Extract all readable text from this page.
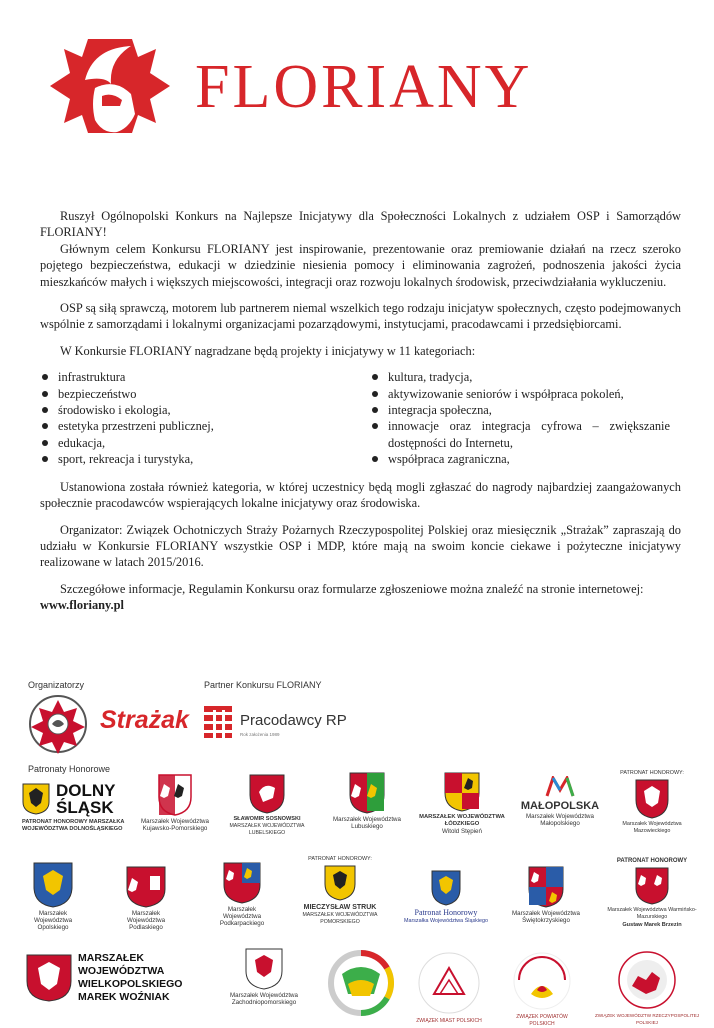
FLORIANY

Ruszył Ogólnopolski Konkurs na Najlepsze Inicjatywy dla Społeczności Lokalnych z udziałem OSP i Samorządów FLORIANY!

Głównym celem Konkursu FLORIANY jest inspirowanie, prezentowanie oraz premiowanie działań na rzecz szeroko pojętego bezpieczeństwa, edukacji w dziedzinie niesienia pomocy i eliminowania zagrożeń, podnoszenia jakości życia mieszkańców małych i większych miejscowości, integracji oraz rozwoju lokalnych środowisk, przeciwdziałania wykluczeniu.

OSP są siłą sprawczą, motorem lub partnerem niemal wszelkich tego rodzaju inicjatyw społecznych, często podejmowanych wspólnie z samorządami i lokalnymi organizacjami pozarządowymi, instytucjami, pracodawcami i przedsiębiorcami.

W Konkursie FLORIANY nagradzane będą projekty i inicjatywy w 11 kategoriach:

infrastruktura
bezpieczeństwo
środowisko i ekologia,
estetyka przestrzeni publicznej,
edukacja,
sport, rekreacja i turystyka,
kultura, tradycja,
aktywizowanie seniorów i współpraca pokoleń,
integracja społeczna,
innowacje oraz integracja cyfrowa – zwiększanie dostępności do Internetu,
współpraca zagraniczna,

Ustanowiona została również kategoria, w której uczestnicy będą mogli zgłaszać do nagrody najbardziej zaangażowanych społecznie pracodawców wspierających lokalne inicjatywy oraz środowiska.

Organizator: Związek Ochotniczych Straży Pożarnych Rzeczypospolitej Polskiej oraz miesięcznik „Strażak” zapraszają do udziału w Konkursie FLORIANY wszystkie OSP i MDP, które mają na swoim koncie ciekawe i pożyteczne inicjatywy realizowane w latach 2015/2016.

Szczegółowe informacje, Regulamin Konkursu oraz formularze zgłoszeniowe można znaleźć na stronie internetowej:

www.floriany.pl

Organizatorzy	Partner Konkursu FLORIANY
Strażak	Pracodawcy RP
Rok założenia 1989
Patronaty Honorowe
DOLNY ŚLĄSK
PATRONAT HONOROWY MARSZAŁKA WOJEWÓDZTWA DOLNOŚLĄSKIEGO
Marszałek Województwa Kujawsko-Pomorskiego
SŁAWOMIR SOSNOWSKI
MARSZAŁEK WOJEWÓDZTWA LUBELSKIEGO
Marszałek Województwa Lubuskiego
MARSZAŁEK WOJEWÓDZTWA ŁÓDZKIEGO
Witold Stępień
MAŁOPOLSKA
Marszałek Województwa Małopolskiego
PATRONAT HONOROWY:
Marszałek Województwa Mazowieckiego
Marszałek Województwa Opolskiego
Marszałek Województwa Podlaskiego
Marszałek Województwa Podkarpackiego
PATRONAT HONOROWY:
MIECZYSŁAW STRUK
MARSZAŁEK WOJEWÓDZTWA POMORSKIEGO
Patronat Honorowy
Marszałka Województwa Śląskiego
Marszałek Województwa Świętokrzyskiego
PATRONAT HONOROWY
Marszałek Województwa Warmińsko-Mazurskiego
Gustaw Marek Brzezin
MARSZAŁEK WOJEWÓDZTWA WIELKOPOLSKIEGO MAREK WOŹNIAK	Marszałek Województwa Zachodniopomorskiego
ZWIĄZEK MIAST POLSKICH
ZWIĄZEK POWIATÓW POLSKICH
ZWIĄZEK WOJEWÓDZTW RZECZYPOSPOLITEJ POLSKIEJ
